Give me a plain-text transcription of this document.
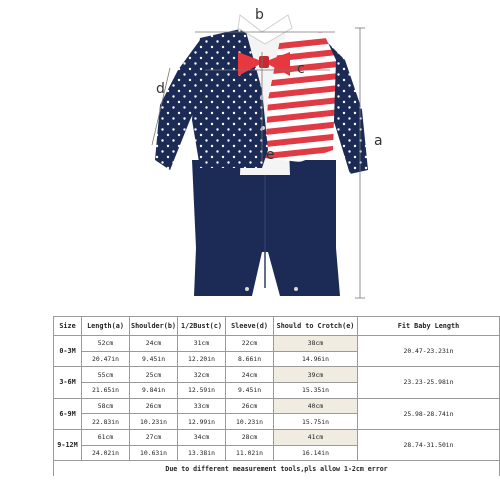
b
c
d
e
a
Size	Length(a)	Shoulder(b)	1/2Bust(c)	Sleeve(d)	Should to Crotch(e)	Fit Baby Length
0-3M	52cm	24cm	31cm	22cm	38cm	20.47-23.23in
	20.47in	9.45in	12.20in	8.66in	14.96in	
3-6M	55cm	25cm	32cm	24cm	39cm	23.23-25.98in
	21.65in	9.84in	12.59in	9.45in	15.35in	
6-9M	58cm	26cm	33cm	26cm	40cm	25.98-28.74in
	22.83in	10.23in	12.99in	10.23in	15.75in	
9-12M	61cm	27cm	34cm	28cm	41cm	28.74-31.50in
	24.02in	10.63in	13.38in	11.02in	16.14in	
Due to different measurement tools,pls allow 1-2cm error						
